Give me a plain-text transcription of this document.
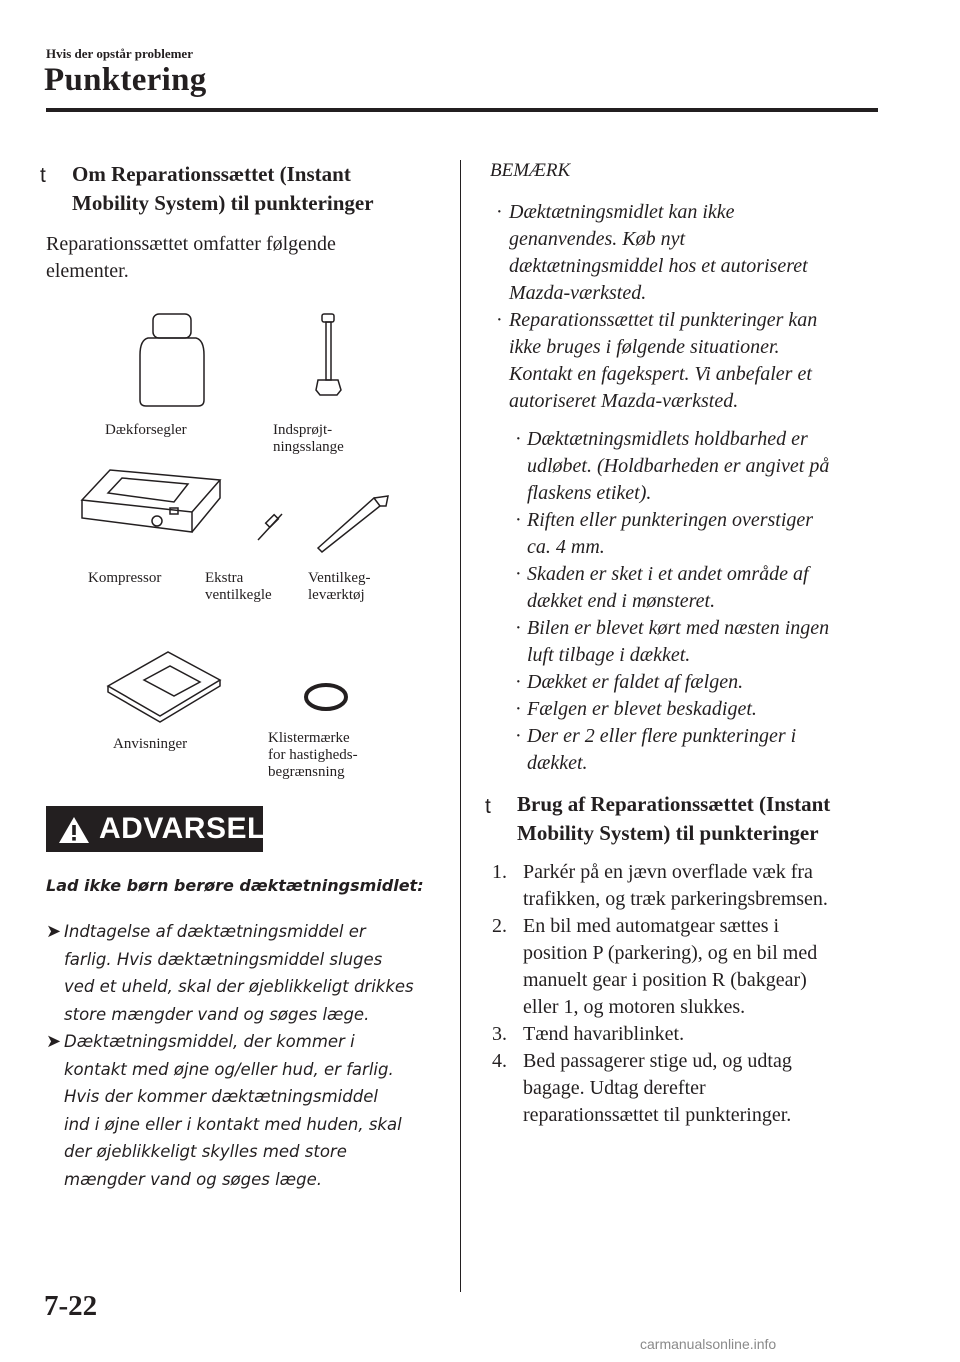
Hvis der opstår problemer
Punktering
t Om Reparationssættet (Instant
Mobility System) til punkteringer
Reparationssættet omfatter følgende
elementer.
Dækforsegler	Indsprøjt-
ningsslange
Kompressor	Ekstra
ventilkegle
Ventilkeg-
leværktøj
Anvisninger	Klistermærke
for hastigheds-
begrænsning
ADVARSEL
Lad ikke børn berøre dæktætningsmidlet:
➤ Indtagelse af dæktætningsmiddel er
farlig. Hvis dæktætningsmiddel sluges
ved et uheld, skal der øjeblikkeligt drikkes
store mængder vand og søges læge.
➤ Dæktætningsmiddel, der kommer i
kontakt med øjne og/eller hud, er farlig.
Hvis der kommer dæktætningsmiddel
ind i øjne eller i kontakt med huden, skal
der øjeblikkeligt skylles med store
mængder vand og søges læge.
BEMÆRK
· Dæktætningsmidlet kan ikke
genanvendes. Køb nyt
dæktætningsmiddel hos et autoriseret
Mazda-værksted.
· Reparationssættet til punkteringer kan
ikke bruges i følgende situationer.
Kontakt en fagekspert. Vi anbefaler et
autoriseret Mazda-værksted.
· Dæktætningsmidlets holdbarhed er
udløbet. (Holdbarheden er angivet på
flaskens etiket).
· Riften eller punkteringen overstiger
ca. 4 mm.
· Skaden er sket i et andet område af
dækket end i mønsteret.
· Bilen er blevet kørt med næsten ingen
luft tilbage i dækket.
· Dækket er faldet af fælgen.
· Fælgen er blevet beskadiget.
· Der er 2 eller flere punkteringer i
dækket.
t Brug af Reparationssættet (Instant
Mobility System) til punkteringer
1. Parkér på en jævn overflade væk fra
trafikken, og træk parkeringsbremsen.
2. En bil med automatgear sættes i
position P (parkering), og en bil med
manuelt gear i position R (bakgear)
eller 1, og motoren slukkes.
3. Tænd havariblinket.
4. Bed passagerer stige ud, og udtag
bagage. Udtag derefter
reparationssættet til punkteringer.
7-22
carmanualsonline.info
